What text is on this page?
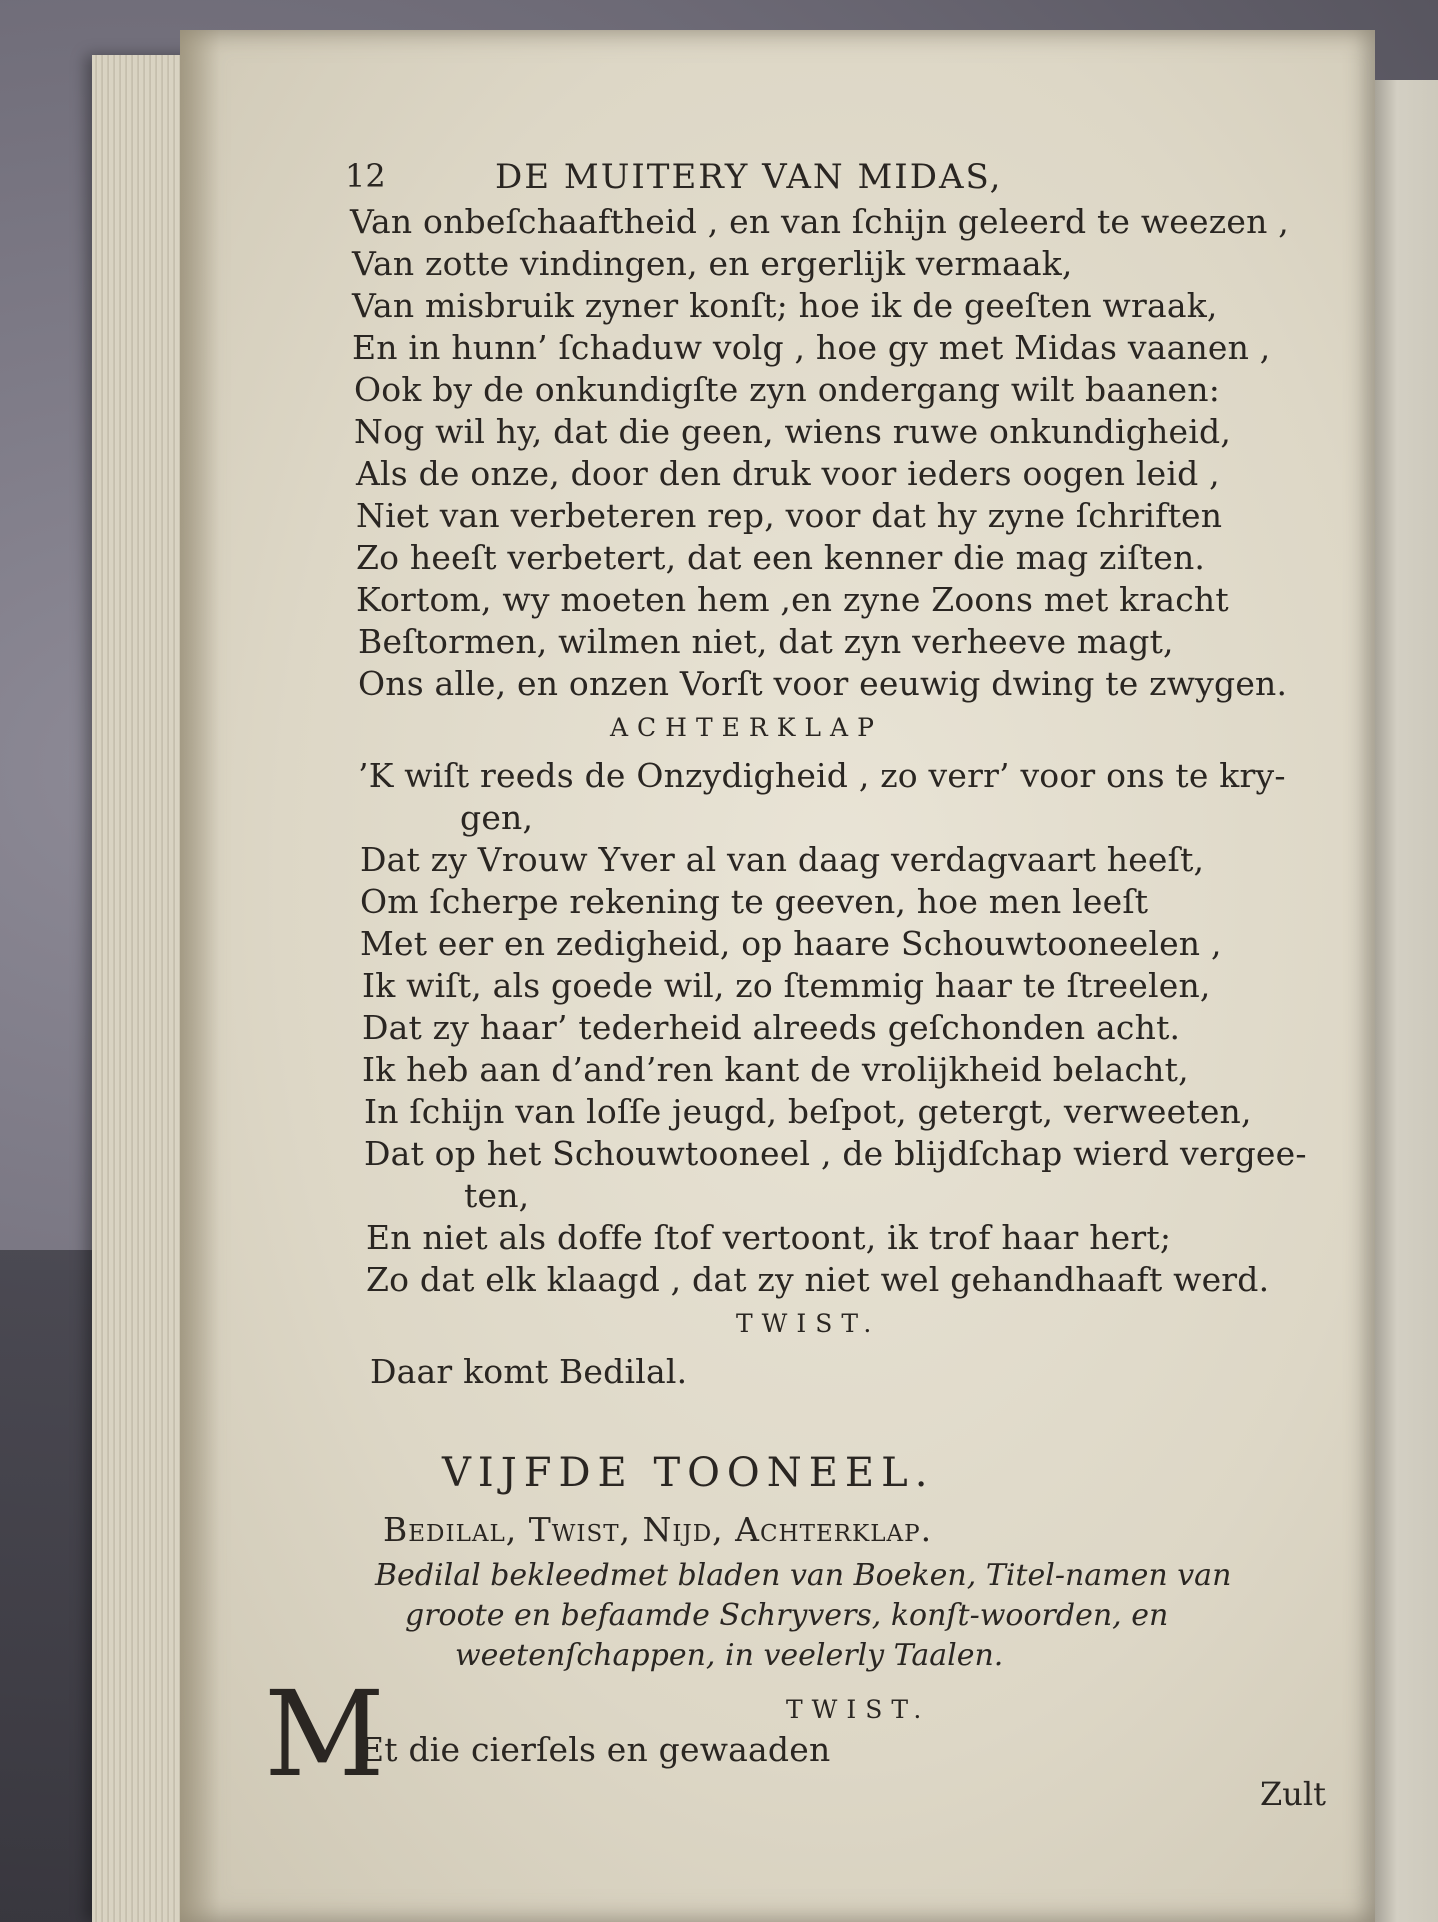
12	DE MUITERY VAN MIDAS,
Van onbeſchaaftheid , en van ſchijn geleerd te weezen ,
Van zotte vindingen, en ergerlijk vermaak,
Van misbruik zyner konſt; hoe ik de geeſten wraak,
En in hunn’ ſchaduw volg , hoe gy met Midas vaanen ,
Ook by de onkundigſte zyn ondergang wilt baanen:
Nog wil hy, dat die geen, wiens ruwe onkundigheid,
Als de onze, door den druk voor ieders oogen leid ,
Niet van verbeteren rep, voor dat hy zyne ſchriften
Zo heeſt verbetert, dat een kenner die mag ziſten.
Kortom, wy moeten hem ,en zyne Zoons met kracht
Beſtormen, wilmen niet, dat zyn verheeve magt,
Ons alle, en onzen Vorſt voor eeuwig dwing te zwygen.
ACHTERKLAP
’K wiſt reeds de Onzydigheid , zo verr’ voor ons te kry-
gen,
Dat zy Vrouw Yver al van daag verdagvaart heeſt,
Om ſcherpe rekening te geeven, hoe men leeſt
Met eer en zedigheid, op haare Schouwtooneelen ,
Ik wiſt, als goede wil, zo ſtemmig haar te ſtreelen,
Dat zy haar’ tederheid alreeds geſchonden acht.
Ik heb aan d’and’ren kant de vrolijkheid belacht,
In ſchijn van loſſe jeugd, beſpot, getergt, verweeten,
Dat op het Schouwtooneel , de blijdſchap wierd vergee-
ten,
En niet als doffe ſtof vertoont, ik trof haar hert;
Zo dat elk klaagd , dat zy niet wel gehandhaaft werd.
TWIST.
Daar komt Bedilal.
VIJFDE TOONEEL.
Bedilal, Twist, Nijd, Achterklap.
Bedilal bekleedmet bladen van Boeken, Titel-namen van
groote en befaamde Schryvers, konſt-woorden, en
weetenſchappen, in veelerly Taalen.
M	TWIST.
Et die cierſels en gewaaden
Zult
